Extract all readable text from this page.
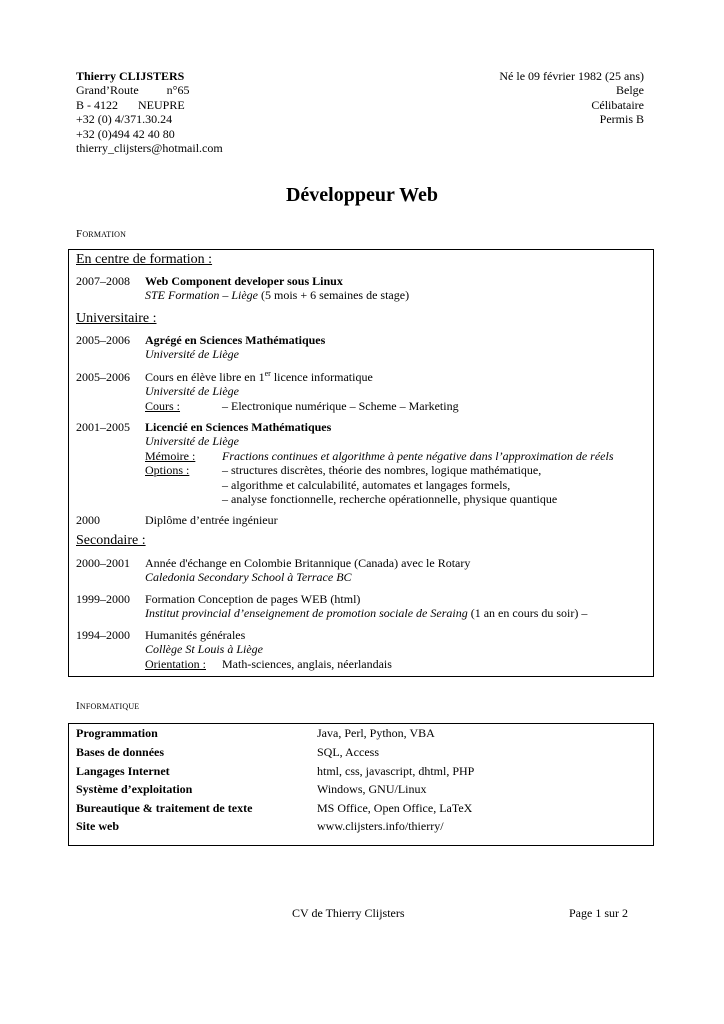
Thierry CLIJSTERS
Grand’Route n°65
B - 4122 NEUPRE
+32 (0) 4/371.30.24
+32 (0)494 42 40 80
thierry_clijsters@hotmail.com
Né le 09 février 1982 (25 ans)
Belge
Célibataire
Permis B
Développeur Web
Formation
En centre de formation :
2007–2008	Web Component developer sous Linux
STE Formation – Liège (5 mois + 6 semaines de stage)
Universitaire :
2005–2006	Agrégé en Sciences Mathématiques
Université de Liège
2005–2006	Cours en élève libre en 1er licence informatique
Université de Liège
Cours :	– Electronique numérique – Scheme – Marketing
2001–2005	Licencié en Sciences Mathématiques
Université de Liège
Mémoire : Fractions continues et algorithme à pente négative dans l’approximation de réels
Options :	– structures discrètes, théorie des nombres, logique mathématique,
– algorithme et calculabilité, automates et langages formels,
– analyse fonctionnelle, recherche opérationnelle, physique quantique
2000	Diplôme d’entrée ingénieur
Secondaire :
2000–2001	Année d'échange en Colombie Britannique (Canada) avec le Rotary
Caledonia Secondary School à Terrace BC
1999–2000	Formation Conception de pages WEB (html)
Institut provincial d’enseignement de promotion sociale de Seraing (1 an en cours du soir) –
1994–2000	Humanités générales
Collège St Louis à Liège
Orientation : Math-sciences, anglais, néerlandais
Informatique
Programmation	Java, Perl, Python, VBA
Bases de données	SQL, Access
Langages Internet	html, css, javascript, dhtml, PHP
Système d’exploitation	Windows, GNU/Linux
Bureautique & traitement de texte	MS Office, Open Office, LaTeX
Site web	www.clijsters.info/thierry/
CV de Thierry Clijsters	Page 1 sur 2
